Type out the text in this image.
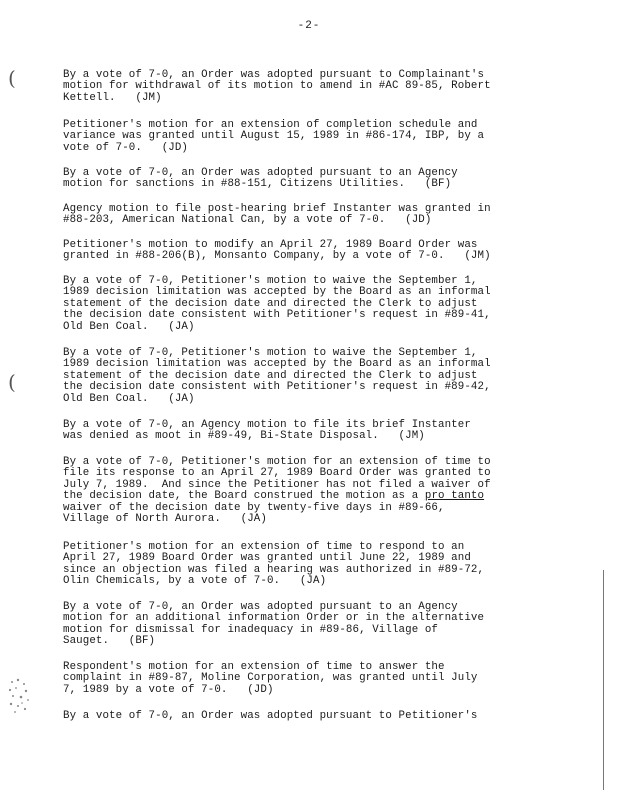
-2-
(
(
By a vote of 7-0, an Order was adopted pursuant to Complainant's
motion for withdrawal of its motion to amend in #AC 89-85, Robert
Kettell.   (JM)
Petitioner's motion for an extension of completion schedule and
variance was granted until August 15, 1989 in #86-174, IBP, by a
vote of 7-0.   (JD)
By a vote of 7-0, an Order was adopted pursuant to an Agency
motion for sanctions in #88-151, Citizens Utilities.   (BF)
Agency motion to file post-hearing brief Instanter was granted in
#88-203, American National Can, by a vote of 7-0.   (JD)
Petitioner's motion to modify an April 27, 1989 Board Order was
granted in #88-206(B), Monsanto Company, by a vote of 7-0.   (JM)
By a vote of 7-0, Petitioner's motion to waive the September 1,
1989 decision limitation was accepted by the Board as an informal
statement of the decision date and directed the Clerk to adjust
the decision date consistent with Petitioner's request in #89-41,
Old Ben Coal.   (JA)
By a vote of 7-0, Petitioner's motion to waive the September 1,
1989 decision limitation was accepted by the Board as an informal
statement of the decision date and directed the Clerk to adjust
the decision date consistent with Petitioner's request in #89-42,
Old Ben Coal.   (JA)
By a vote of 7-0, an Agency motion to file its brief Instanter
was denied as moot in #89-49, Bi-State Disposal.   (JM)
By a vote of 7-0, Petitioner's motion for an extension of time to
file its response to an April 27, 1989 Board Order was granted to
July 7, 1989.  And since the Petitioner has not filed a waiver of
the decision date, the Board construed the motion as a pro tanto
waiver of the decision date by twenty-five days in #89-66,
Village of North Aurora.   (JA)
Petitioner's motion for an extension of time to respond to an
April 27, 1989 Board Order was granted until June 22, 1989 and
since an objection was filed a hearing was authorized in #89-72,
Olin Chemicals, by a vote of 7-0.   (JA)
By a vote of 7-0, an Order was adopted pursuant to an Agency
motion for an additional information Order or in the alternative
motion for dismissal for inadequacy in #89-86, Village of
Sauget.   (BF)
Respondent's motion for an extension of time to answer the
complaint in #89-87, Moline Corporation, was granted until July
7, 1989 by a vote of 7-0.   (JD)
By a vote of 7-0, an Order was adopted pursuant to Petitioner's
